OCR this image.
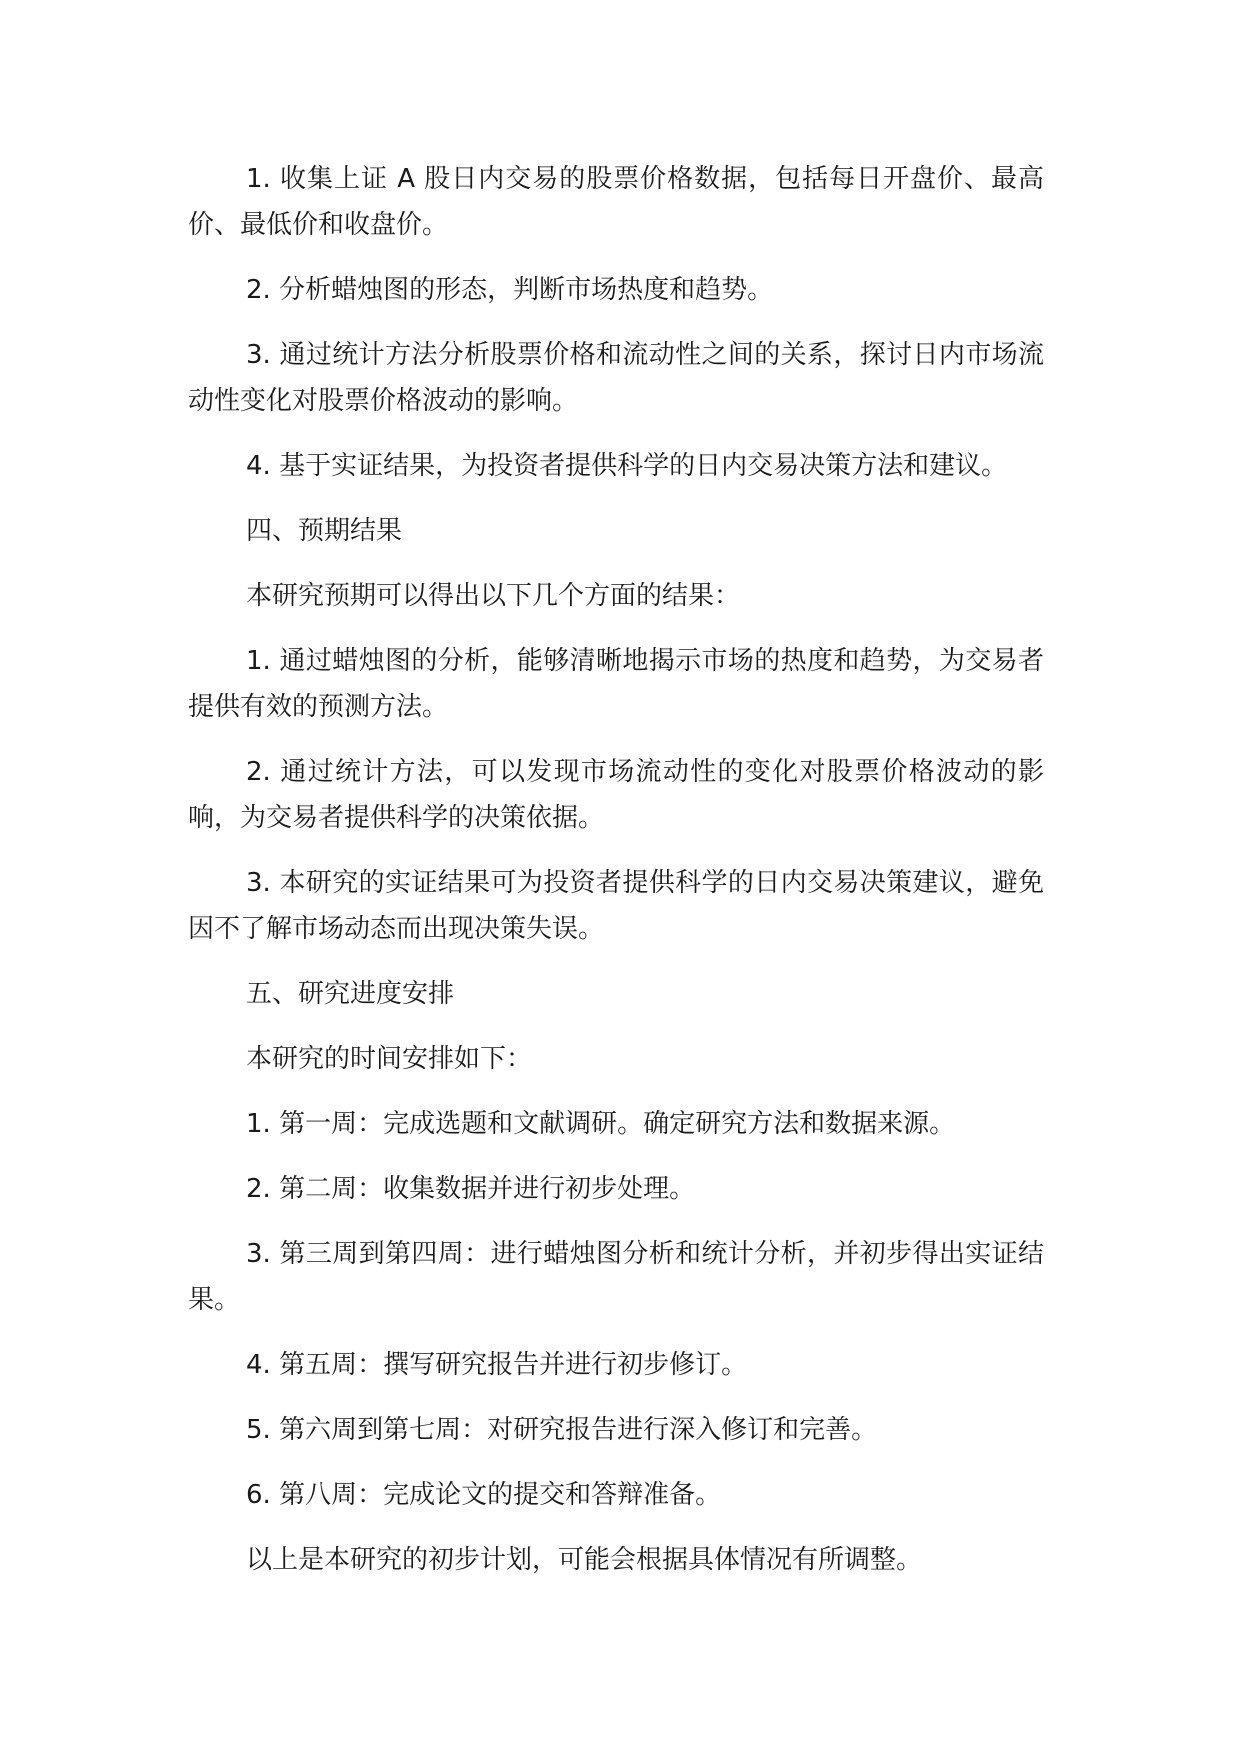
1. 收集上证 A 股日内交易的股票价格数据，包括每日开盘价、最高价、最低价和收盘价。

2. 分析蜡烛图的形态，判断市场热度和趋势。

3. 通过统计方法分析股票价格和流动性之间的关系，探讨日内市场流动性变化对股票价格波动的影响。

4. 基于实证结果，为投资者提供科学的日内交易决策方法和建议。

四、预期结果

本研究预期可以得出以下几个方面的结果：

1. 通过蜡烛图的分析，能够清晰地揭示市场的热度和趋势，为交易者提供有效的预测方法。

2. 通过统计方法，可以发现市场流动性的变化对股票价格波动的影响，为交易者提供科学的决策依据。

3. 本研究的实证结果可为投资者提供科学的日内交易决策建议，避免因不了解市场动态而出现决策失误。

五、研究进度安排

本研究的时间安排如下：

1. 第一周：完成选题和文献调研。确定研究方法和数据来源。

2. 第二周：收集数据并进行初步处理。

3. 第三周到第四周：进行蜡烛图分析和统计分析，并初步得出实证结果。

4. 第五周：撰写研究报告并进行初步修订。

5. 第六周到第七周：对研究报告进行深入修订和完善。

6. 第八周：完成论文的提交和答辩准备。

以上是本研究的初步计划，可能会根据具体情况有所调整。
